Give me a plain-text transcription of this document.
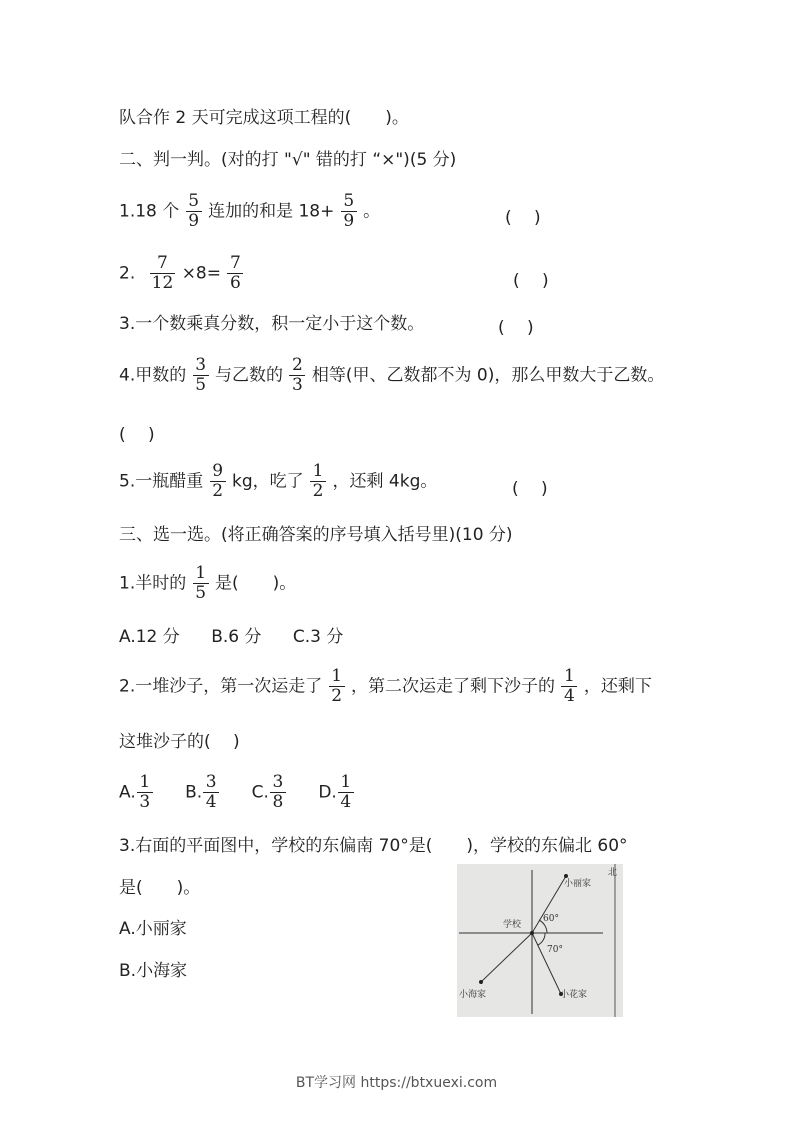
队合作 2 天可完成这项工程的(　　)。
二、判一判。(对的打 "√" 错的打 “×")(5 分)
1.18 个 $\frac{5}{9}$ 连加的和是 $18+ \frac{5}{9}$ 。	(　 )
2. $\frac{7}{12} \times 8= \frac{7}{6}$	(　 )
3.一个数乘真分数，积一定小于这个数。	(　 )
4.甲数的 $\frac{3}{5}$ 与乙数的 $\frac{2}{3}$ 相等(甲、乙数都不为 0)，那么甲数大于乙数。
(　 )
5.一瓶醋重 $\frac{9}{2}$ kg，吃了 $\frac{1}{2}$ ，还剩 4kg。	(　 )
三、选一选。(将正确答案的序号填入括号里)(10 分)
1.半时的 $\frac{1}{5}$ 是(　　)。
A.12 分 B.6 分 C.3 分
2.一堆沙子，第一次运走了 $\frac{1}{2}$ ，第二次运走了剩下沙子的 $\frac{1}{4}$ ，还剩下
这堆沙子的(　 )
A. $\frac{1}{3} B$. $\frac{3}{4} C$. $\frac{3}{8} D$. $\frac{1}{4}$
3.右面的平面图中，学校的东偏南 70°是(　　)，学校的东偏北 60°
是(　　)。
A.小丽家
B.小海家
北
小丽家
学校
60°
70°
小海家	小花家
BT学习网 https://btxuexi.com
